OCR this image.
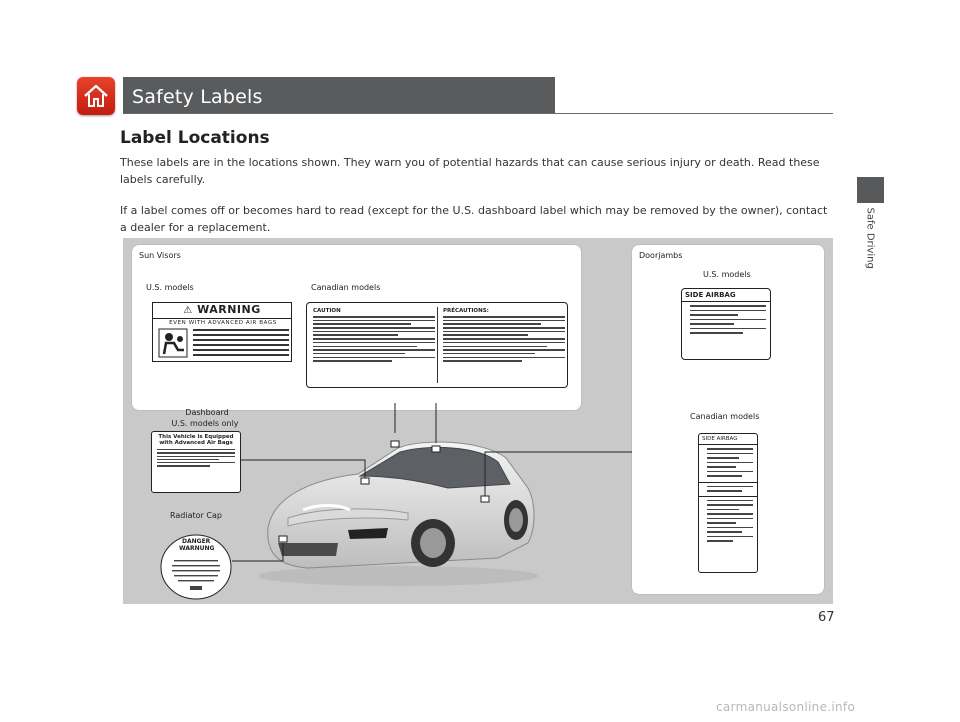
Safety Labels
Safe Driving
Label Locations
These labels are in the locations shown. They warn you of potential hazards that can cause serious injury or death. Read these labels carefully.
If a label comes off or becomes hard to read (except for the U.S. dashboard label which may be removed by the owner), contact a dealer for a replacement.
Sun Visors
U.S. models	Canadian models
⚠ WARNING
EVEN WITH ADVANCED AIR BAGS
CAUTION	PRÉCAUTIONS:
Doorjambs
U.S. models
SIDE AIRBAG
Canadian models
SIDE AIRBAG
Dashboard
U.S. models only
This Vehicle is Equipped with Advanced Air Bags
Radiator Cap
DANGER
WARNUNG
67
carmanualsonline.info
